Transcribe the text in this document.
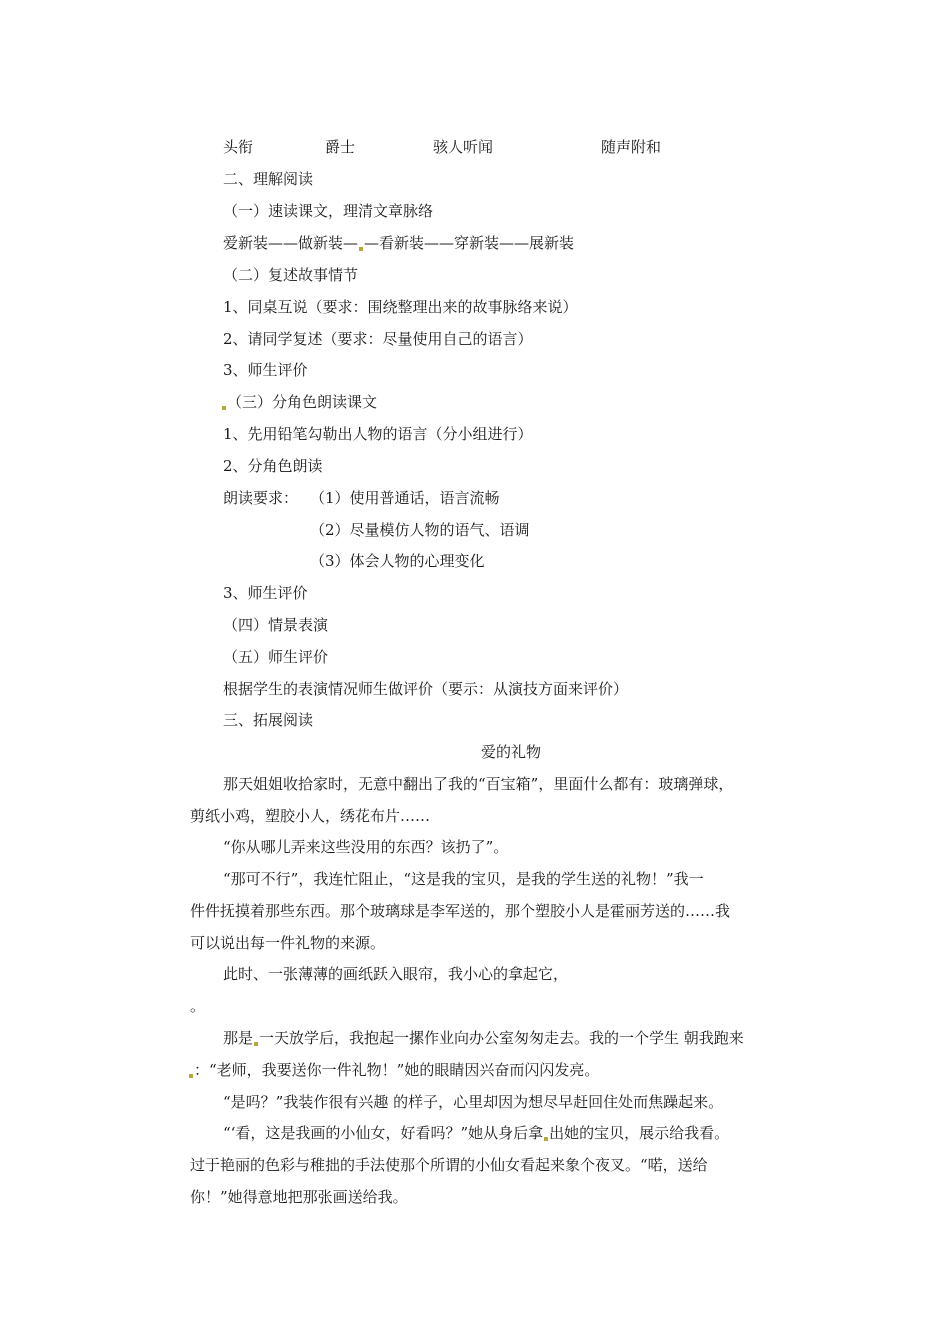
头衔	爵士	骇人听闻	随声附和
二、理解阅读
（一）速读课文，理清文章脉络
爱新装——做新装— —看新装——穿新装——展新装
（二）复述故事情节
1、同桌互说（要求：围绕整理出来的故事脉络来说）
2、请同学复述（要求：尽量使用自己的语言）
3、师生评价
（三）分角色朗读课文
1、先用铅笔勾勒出人物的语言（分小组进行）
2、分角色朗读
朗读要求： （1）使用普通话，语言流畅
（2）尽量模仿人物的语气、语调
（3）体会人物的心理变化
3、师生评价
（四）情景表演
（五）师生评价
根据学生的表演情况师生做评价（要示：从演技方面来评价）
三、拓展阅读
爱的礼物
那天姐姐收拾家时，无意中翻出了我的“百宝箱”，里面什么都有：玻璃弹球，
剪纸小鸡，塑胶小人，绣花布片……
“你从哪儿弄来这些没用的东西？该扔了”。
“那可不行”，我连忙阻止，“这是我的宝贝，是我的学生送的礼物！”我一
件件抚摸着那些东西。那个玻璃球是李军送的，那个塑胶小人是霍丽芳送的……我
可以说出每一件礼物的来源。
此时、一张薄薄的画纸跃入眼帘，我小心的拿起它，
。
那是 一天放学后，我抱起一摞作业向办公室匆匆走去。我的一个学生 朝我跑来
：“老师，我要送你一件礼物！”她的眼睛因兴奋而闪闪发亮。
“是吗？”我装作很有兴趣 的样子，心里却因为想尽早赶回住处而焦躁起来。
“‘看，这是我画的小仙女，好看吗？”她从身后拿 出她的宝贝，展示给我看。
过于艳丽的色彩与稚拙的手法使那个所谓的小仙女看起来象个夜叉。“喏，送给
你！”她得意地把那张画送给我。
